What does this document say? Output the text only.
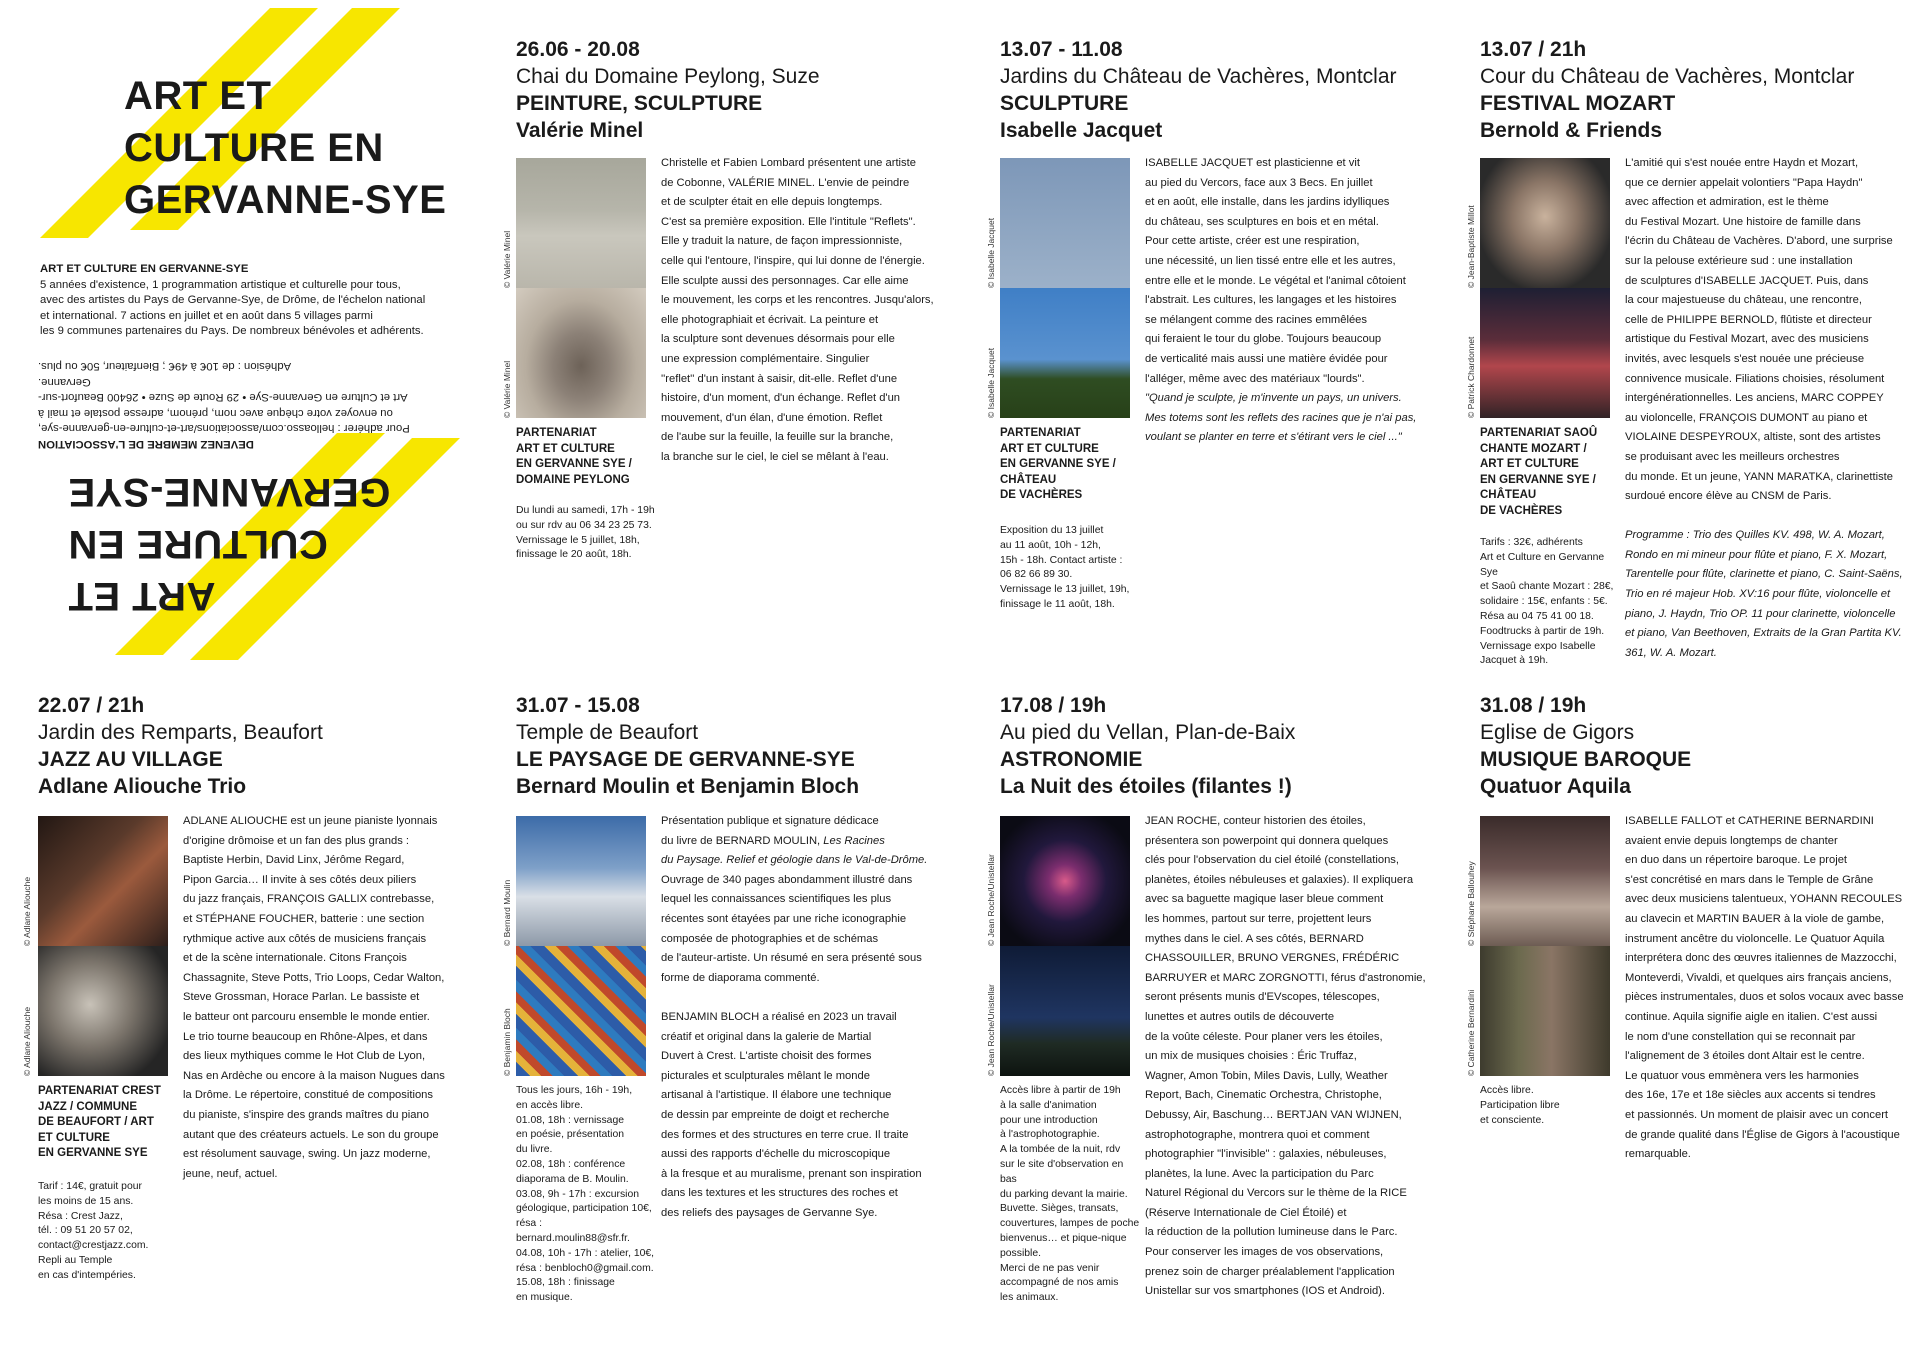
ART ET
CULTURE EN
GERVANNE-SYE
ART ET CULTURE EN GERVANNE-SYE
5 années d'existence, 1 programmation artistique et culturelle pour tous,
avec des artistes du Pays de Gervanne-Sye, de Drôme, de l'échelon national
et international. 7 actions en juillet et en août dans 5 villages parmi
les 9 communes partenaires du Pays. De nombreux bénévoles et adhérents.
DEVENEZ MEMBRE DE L'ASSOCIATION
Pour adhérer : helloasso.com/associations/art-et-culture-en-gervanne-sye,
ou envoyez votre chèque avec nom, prénom, adresse postale et mail à
Art et Culture en Gervanne-Sye • 29 Route de Suze • 26400 Beaufort-sur-Gervanne.
Adhésion : de 10€ à 49€ ; Bienfaiteur, 50€ ou plus.
ART ET
CULTURE EN
GERVANNE-SYE
26.06 - 20.08
Chai du Domaine Peylong, Suze
PEINTURE, SCULPTURE
Valérie Minel
© Valérie Minel
© Valérie Minel
PARTENARIAT
ART ET CULTURE
EN GERVANNE SYE /
DOMAINE PEYLONG
Du lundi au samedi, 17h - 19h
ou sur rdv au 06 34 23 25 73.
Vernissage le 5 juillet, 18h,
finissage le 20 août, 18h.
Christelle et Fabien Lombard présentent une artiste
de Cobonne, VALÉRIE MINEL. L'envie de peindre
et de sculpter était en elle depuis longtemps.
C'est sa première exposition. Elle l'intitule "Reflets".
Elle y traduit la nature, de façon impressionniste,
celle qui l'entoure, l'inspire, qui lui donne de l'énergie.
Elle sculpte aussi des personnages. Car elle aime
le mouvement, les corps et les rencontres. Jusqu'alors,
elle photographiait et écrivait. La peinture et
la sculpture sont devenues désormais pour elle
une expression complémentaire. Singulier
''reflet'' d'un instant à saisir, dit-elle. Reflet d'une
histoire, d'un moment, d'un échange. Reflet d'un
mouvement, d'un élan, d'une émotion. Reflet
de l'aube sur la feuille, la feuille sur la branche,
la branche sur le ciel, le ciel se mêlant à l'eau.
13.07 - 11.08
Jardins du Château de Vachères, Montclar
SCULPTURE
Isabelle Jacquet
© Isabelle Jacquet
© Isabelle Jacquet
PARTENARIAT
ART ET CULTURE
EN GERVANNE SYE /
CHÂTEAU
DE VACHÈRES
Exposition du 13 juillet
au 11 août, 10h - 12h,
15h - 18h. Contact artiste :
06 82 66 89 30.
Vernissage le 13 juillet, 19h,
finissage le 11 août, 18h.
ISABELLE JACQUET est plasticienne et vit
au pied du Vercors, face aux 3 Becs. En juillet
et en août, elle installe, dans les jardins idylliques
du château, ses sculptures en bois et en métal.
Pour cette artiste, créer est une respiration,
une nécessité, un lien tissé entre elle et les autres,
entre elle et le monde. Le végétal et l'animal côtoient
l'abstrait. Les cultures, les langages et les histoires
se mélangent comme des racines emmêlées
qui feraient le tour du globe. Toujours beaucoup
de verticalité mais aussi une matière évidée pour
l'alléger, même avec des matériaux "lourds".
"Quand je sculpte, je m'invente un pays, un univers.
Mes totems sont les reflets des racines que je n'ai pas,
voulant se planter en terre et s'étirant vers le ciel ..."
13.07 / 21h
Cour du Château de Vachères, Montclar
FESTIVAL MOZART
Bernold & Friends
© Jean-Baptiste Millot
© Patrick Chardonnet
PARTENARIAT SAOÛ
CHANTE MOZART /
ART ET CULTURE
EN GERVANNE SYE /
CHÂTEAU
DE VACHÈRES
Tarifs : 32€, adhérents
Art et Culture en Gervanne Sye
et Saoû chante Mozart : 28€,
solidaire : 15€, enfants : 5€.
Résa au 04 75 41 00 18.
Foodtrucks à partir de 19h.
Vernissage expo Isabelle
Jacquet à 19h.
L'amitié qui s'est nouée entre Haydn et Mozart,
que ce dernier appelait volontiers "Papa Haydn"
avec affection et admiration, est le thème
du Festival Mozart. Une histoire de famille dans
l'écrin du Château de Vachères. D'abord, une surprise
sur la pelouse extérieure sud : une installation
de sculptures d'ISABELLE JACQUET. Puis, dans
la cour majestueuse du château, une rencontre,
celle de PHILIPPE BERNOLD, flûtiste et directeur
artistique du Festival Mozart, avec des musiciens
invités, avec lesquels s'est nouée une précieuse
connivence musicale. Filiations choisies, résolument
intergénérationnelles. Les anciens, MARC COPPEY
au violoncelle, FRANÇOIS DUMONT au piano et
VIOLAINE DESPEYROUX, altiste, sont des artistes
se produisant avec les meilleurs orchestres
du monde. Et un jeune, YANN MARATKA, clarinettiste
surdoué encore élève au CNSM de Paris.
Programme : Trio des Quilles KV. 498, W. A. Mozart,
Rondo en mi mineur pour flûte et piano, F. X. Mozart,
Tarentelle pour flûte, clarinette et piano, C. Saint-Saëns,
Trio en ré majeur Hob. XV:16 pour flûte, violoncelle et
piano, J. Haydn, Trio OP. 11 pour clarinette, violoncelle
et piano, Van Beethoven, Extraits de la Gran Partita KV.
361, W. A. Mozart.
22.07 / 21h
Jardin des Remparts, Beaufort
JAZZ AU VILLAGE
Adlane Aliouche Trio
© Adlane Aliouche
© Adlane Aliouche
PARTENARIAT CREST
JAZZ / COMMUNE
DE BEAUFORT / ART
ET CULTURE
EN GERVANNE SYE
Tarif : 14€, gratuit pour
les moins de 15 ans.
Résa : Crest Jazz,
tél. : 09 51 20 57 02,
contact@crestjazz.com.
Repli au Temple
en cas d'intempéries.
ADLANE ALIOUCHE est un jeune pianiste lyonnais
d'origine drômoise et un fan des plus grands :
Baptiste Herbin, David Linx, Jérôme Regard,
Pipon Garcia… Il invite à ses côtés deux piliers
du jazz français, FRANÇOIS GALLIX contrebasse,
et STÉPHANE FOUCHER, batterie : une section
rythmique active aux côtés de musiciens français
et de la scène internationale. Citons François
Chassagnite, Steve Potts, Trio Loops, Cedar Walton,
Steve Grossman, Horace Parlan. Le bassiste et
le batteur ont parcouru ensemble le monde entier.
Le trio tourne beaucoup en Rhône-Alpes, et dans
des lieux mythiques comme le Hot Club de Lyon,
Nas en Ardèche ou encore à la maison Nugues dans
la Drôme. Le répertoire, constitué de compositions
du pianiste, s'inspire des grands maîtres du piano
autant que des créateurs actuels. Le son du groupe
est résolument sauvage, swing. Un jazz moderne,
jeune, neuf, actuel.
31.07 - 15.08
Temple de Beaufort
LE PAYSAGE DE GERVANNE-SYE
Bernard Moulin et Benjamin Bloch
© Bernard Moulin
© Benjamin Bloch
Tous les jours, 16h - 19h,
en accès libre.
01.08, 18h : vernissage
en poésie, présentation
du livre.
02.08, 18h : conférence
diaporama de B. Moulin.
03.08, 9h - 17h : excursion
géologique, participation 10€,
résa : bernard.moulin88@sfr.fr.
04.08, 10h - 17h : atelier, 10€,
résa : benbloch0@gmail.com.
15.08, 18h : finissage
en musique.
Présentation publique et signature dédicace
du livre de BERNARD MOULIN, Les Racines
du Paysage. Relief et géologie dans le Val-de-Drôme.
Ouvrage de 340 pages abondamment illustré dans
lequel les connaissances scientifiques les plus
récentes sont étayées par une riche iconographie
composée de photographies et de schémas
de l'auteur-artiste. Un résumé en sera présenté sous
forme de diaporama commenté.
BENJAMIN BLOCH a réalisé en 2023 un travail
créatif et original dans la galerie de Martial
Duvert à Crest. L'artiste choisit des formes
picturales et sculpturales mêlant le monde
artisanal à l'artistique. Il élabore une technique
de dessin par empreinte de doigt et recherche
des formes et des structures en terre crue. Il traite
aussi des rapports d'échelle du microscopique
à la fresque et au muralisme, prenant son inspiration
dans les textures et les structures des roches et
des reliefs des paysages de Gervanne Sye.
17.08 / 19h
Au pied du Vellan, Plan-de-Baix
ASTRONOMIE
La Nuit des étoiles (filantes !)
© Jean Roche/Unistellar
© Jean Roche/Unistellar
Accès libre à partir de 19h
à la salle d'animation
pour une introduction
à l'astrophotographie.
A la tombée de la nuit, rdv
sur le site d'observation en bas
du parking devant la mairie.
Buvette. Sièges, transats,
couvertures, lampes de poche
bienvenus… et pique-nique
possible.
Merci de ne pas venir
accompagné de nos amis
les animaux.
JEAN ROCHE, conteur historien des étoiles,
présentera son powerpoint qui donnera quelques
clés pour l'observation du ciel étoilé (constellations,
planètes, étoiles nébuleuses et galaxies). Il expliquera
avec sa baguette magique laser bleue comment
les hommes, partout sur terre, projettent leurs
mythes dans le ciel. A ses côtés, BERNARD
CHASSOUILLER, BRUNO VERGNES, FRÉDÉRIC
BARRUYER et MARC ZORGNOTTI, férus d'astronomie,
seront présents munis d'EVscopes, télescopes,
lunettes et autres outils de découverte
de la voûte céleste. Pour planer vers les étoiles,
un mix de musiques choisies : Éric Truffaz,
Wagner, Amon Tobin, Miles Davis, Lully, Weather
Report, Bach, Cinematic Orchestra, Christophe,
Debussy, Air, Baschung… BERTJAN VAN WIJNEN,
astrophotographe, montrera quoi et comment
photographier "l'invisible" : galaxies, nébuleuses,
planètes, la lune. Avec la participation du Parc
Naturel Régional du Vercors sur le thème de la RICE
(Réserve Internationale de Ciel Étoilé) et
la réduction de la pollution lumineuse dans le Parc.
Pour conserver les images de vos observations,
prenez soin de charger préalablement l'application
Unistellar sur vos smartphones (IOS et Android).
31.08 / 19h
Eglise de Gigors
MUSIQUE BAROQUE
Quatuor Aquila
© Stéphane Ballouhey
© Catherine Bernardini
Accès libre.
Participation libre
et consciente.
ISABELLE FALLOT et CATHERINE BERNARDINI
avaient envie depuis longtemps de chanter
en duo dans un répertoire baroque. Le projet
s'est concrétisé en mars dans le Temple de Grâne
avec deux musiciens talentueux, YOHANN RECOULES
au clavecin et MARTIN BAUER à la viole de gambe,
instrument ancêtre du violoncelle. Le Quatuor Aquila
interprétera donc des œuvres italiennes de Mazzocchi,
Monteverdi, Vivaldi, et quelques airs français anciens,
pièces instrumentales, duos et solos vocaux avec basse
continue. Aquila signifie aigle en italien. C'est aussi
le nom d'une constellation qui se reconnait par
l'alignement de 3 étoiles dont Altair est le centre.
Le quatuor vous emmènera vers les harmonies
des 16e, 17e et 18e siècles aux accents si tendres
et passionnés. Un moment de plaisir avec un concert
de grande qualité dans l'Église de Gigors à l'acoustique
remarquable.
